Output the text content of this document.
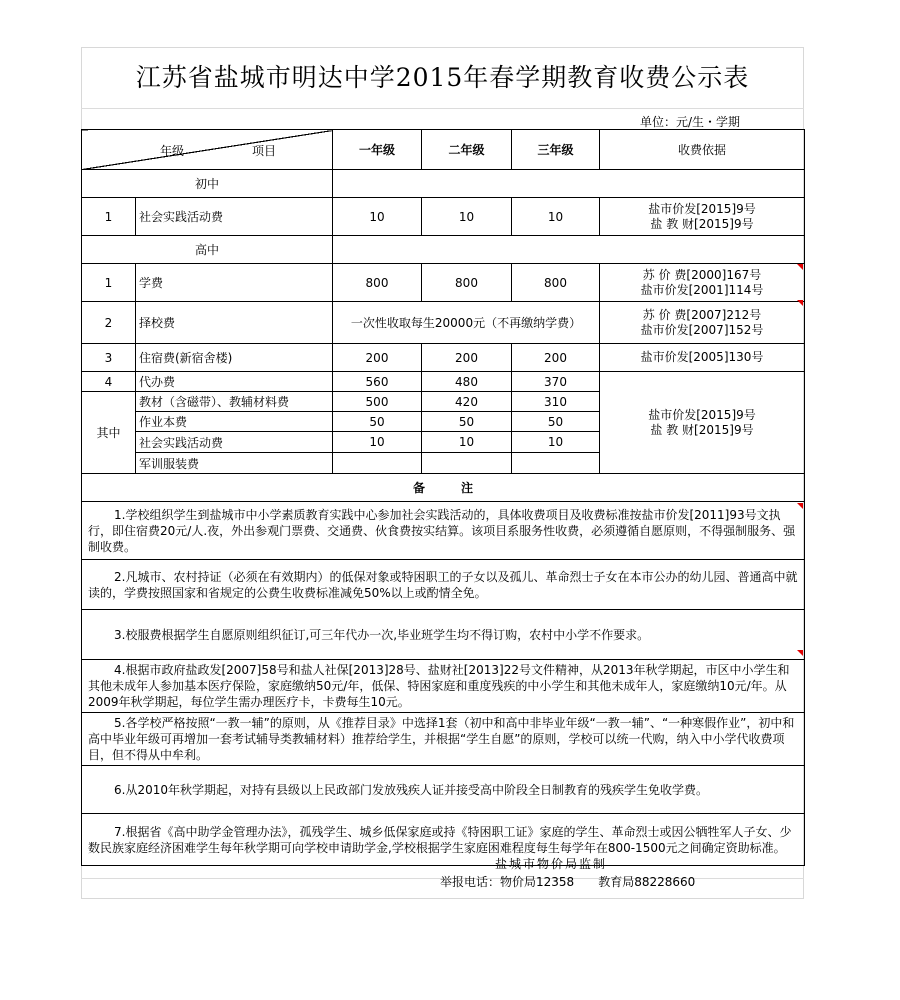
江苏省盐城市明达中学2015年春学期教育收费公示表
单位：元/生・学期
年级 项目		一年级	二年级	三年级	收费依据
初中					
1	社会实践活动费	10	10	10	盐市价发[2015]9号
盐 教 财[2015]9号

高中					
1	学费	800	800	800	苏 价 费[2000]167号
盐市价发[2001]114号

2	择校费	一次性收取每生20000元（不再缴纳学费）			苏 价 费[2007]212号
盐市价发[2007]152号

3	住宿费(新宿舍楼)	200	200	200	盐市价发[2005]130号
4	代办费	560	480	370	盐市价发[2015]9号
盐 教 财[2015]9号

其中	教材（含磁带）、教辅材料费	500	420	310	
	作业本费	50	50	50	
	社会实践活动费	10	10	10	
	军训服装费				
备　　　注					
1.学校组织学生到盐城市中小学素质教育实践中心参加社会实践活动的，具体收费项目及收费标准按盐市价发[2011]93号文执行，即住宿费20元/人.夜，外出参观门票费、交通费、伙食费按实结算。该项目系服务性收费，必须遵循自愿原则，不得强制服务、强制收费。					
2.凡城市、农村持证（必须在有效期内）的低保对象或特困职工的子女以及孤儿、革命烈士子女在本市公办的幼儿园、普通高中就读的，学费按照国家和省规定的公费生收费标准减免50%以上或酌情全免。					
3.校服费根据学生自愿原则组织征订,可三年代办一次,毕业班学生均不得订购，农村中小学不作要求。					
4.根据市政府盐政发[2007]58号和盐人社保[2013]28号、盐财社[2013]22号文件精神，从2013年秋学期起，市区中小学生和其他未成年人参加基本医疗保险，家庭缴纳50元/年，低保、特困家庭和重度残疾的中小学生和其他未成年人，家庭缴纳10元/年。从2009年秋学期起，每位学生需办理医疗卡，卡费每生10元。					
5.各学校严格按照“一教一辅”的原则，从《推荐目录》中选择1套（初中和高中非毕业年级“一教一辅”、“一种寒假作业”，初中和高中毕业年级可再增加一套考试辅导类教辅材料）推荐给学生，并根据“学生自愿”的原则，学校可以统一代购，纳入中小学代收费项目，但不得从中牟利。					
6.从2010年秋学期起，对持有县级以上民政部门发放残疾人证并接受高中阶段全日制教育的残疾学生免收学费。					
7.根据省《高中助学金管理办法》，孤残学生、城乡低保家庭或持《特困职工证》家庭的学生、革命烈士或因公牺牲军人子女、少数民族家庭经济困难学生每年秋学期可向学校申请助学金,学校根据学生家庭困难程度每生每学年在800-1500元之间确定资助标准。					
盐城市物价局监制
举报电话：物价局12358　　 教育局88228660
